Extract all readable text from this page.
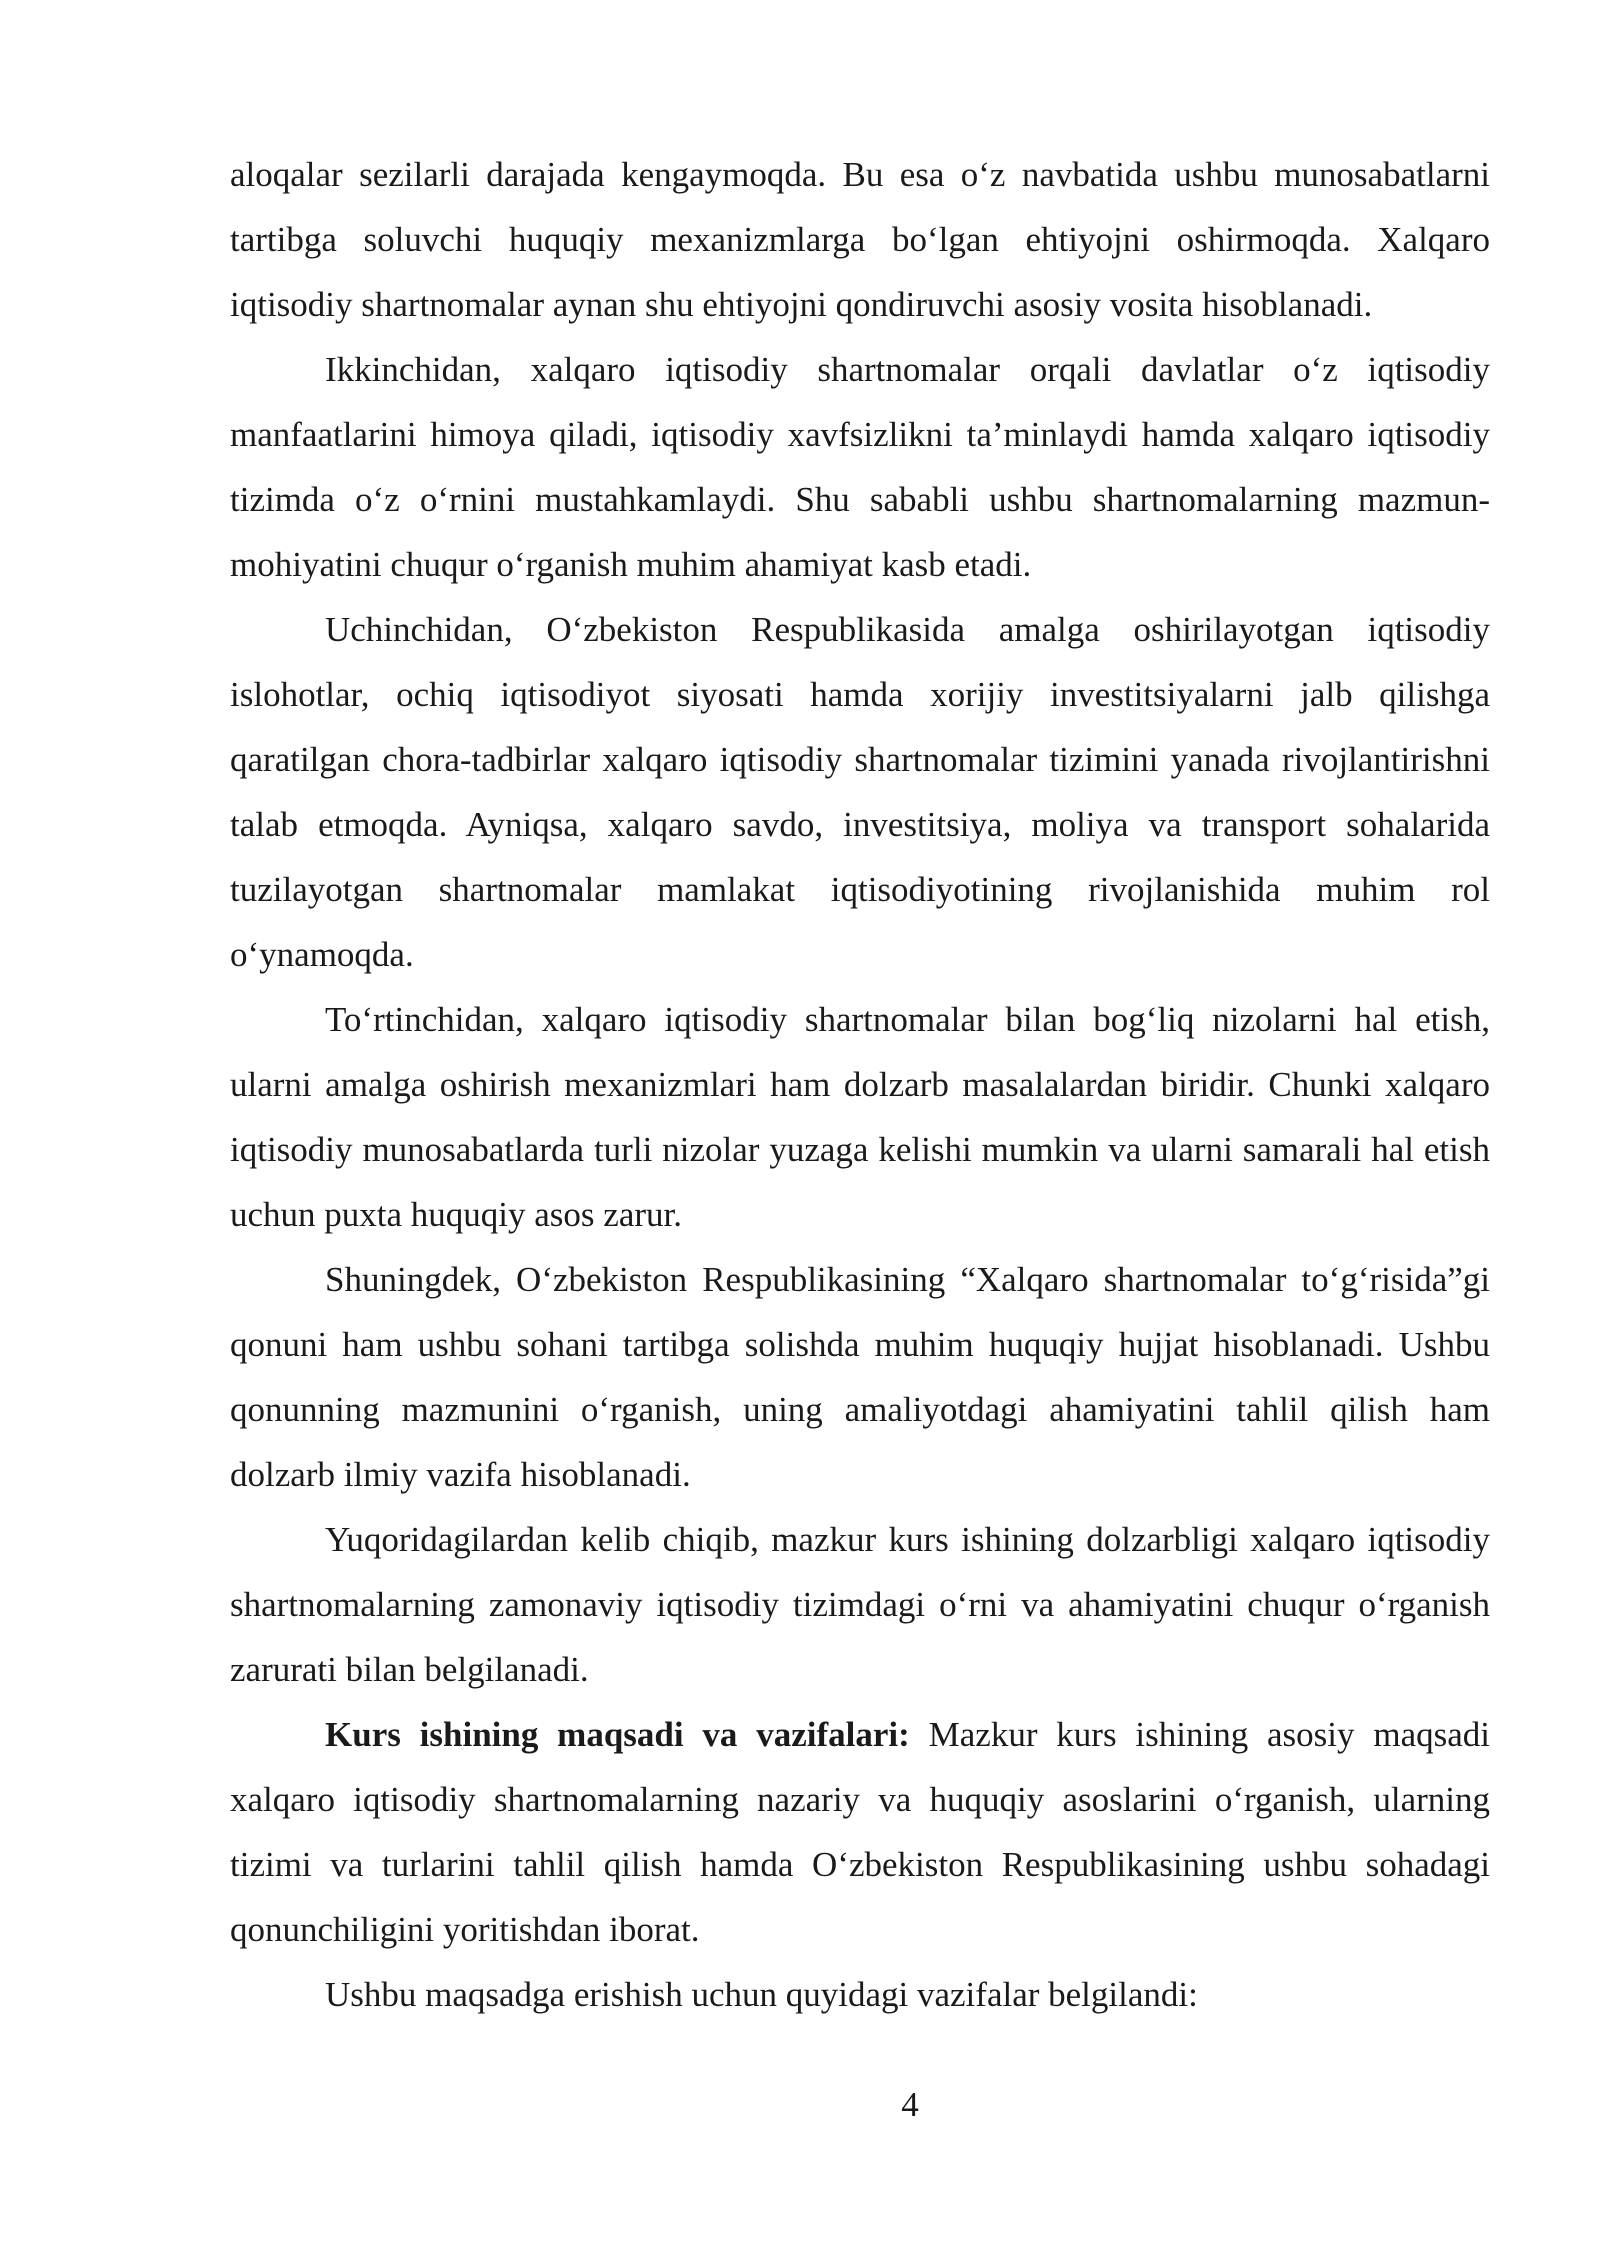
aloqalar sezilarli darajada kengaymoqda. Bu esa o‘z navbatida ushbu munosabatlarni tartibga soluvchi huquqiy mexanizmlarga bo‘lgan ehtiyojni oshirmoqda. Xalqaro iqtisodiy shartnomalar aynan shu ehtiyojni qondiruvchi asosiy vosita hisoblanadi.

Ikkinchidan, xalqaro iqtisodiy shartnomalar orqali davlatlar o‘z iqtisodiy manfaatlarini himoya qiladi, iqtisodiy xavfsizlikni ta’minlaydi hamda xalqaro iqtisodiy tizimda o‘z o‘rnini mustahkamlaydi. Shu sababli ushbu shartnomalarning mazmun-mohiyatini chuqur o‘rganish muhim ahamiyat kasb etadi.

Uchinchidan, O‘zbekiston Respublikasida amalga oshirilayotgan iqtisodiy islohotlar, ochiq iqtisodiyot siyosati hamda xorijiy investitsiyalarni jalb qilishga qaratilgan chora-tadbirlar xalqaro iqtisodiy shartnomalar tizimini yanada rivojlantirishni talab etmoqda. Ayniqsa, xalqaro savdo, investitsiya, moliya va transport sohalarida tuzilayotgan shartnomalar mamlakat iqtisodiyotining rivojlanishida muhim rol o‘ynamoqda.

To‘rtinchidan, xalqaro iqtisodiy shartnomalar bilan bog‘liq nizolarni hal etish, ularni amalga oshirish mexanizmlari ham dolzarb masalalardan biridir. Chunki xalqaro iqtisodiy munosabatlarda turli nizolar yuzaga kelishi mumkin va ularni samarali hal etish uchun puxta huquqiy asos zarur.

Shuningdek, O‘zbekiston Respublikasining “Xalqaro shartnomalar to‘g‘risida”gi qonuni ham ushbu sohani tartibga solishda muhim huquqiy hujjat hisoblanadi. Ushbu qonunning mazmunini o‘rganish, uning amaliyotdagi ahamiyatini tahlil qilish ham dolzarb ilmiy vazifa hisoblanadi.

Yuqoridagilardan kelib chiqib, mazkur kurs ishining dolzarbligi xalqaro iqtisodiy shartnomalarning zamonaviy iqtisodiy tizimdagi o‘rni va ahamiyatini chuqur o‘rganish zarurati bilan belgilanadi.

Kurs ishining maqsadi va vazifalari: Mazkur kurs ishining asosiy maqsadi xalqaro iqtisodiy shartnomalarning nazariy va huquqiy asoslarini o‘rganish, ularning tizimi va turlarini tahlil qilish hamda O‘zbekiston Respublikasining ushbu sohadagi qonunchiligini yoritishdan iborat.

Ushbu maqsadga erishish uchun quyidagi vazifalar belgilandi:

4
